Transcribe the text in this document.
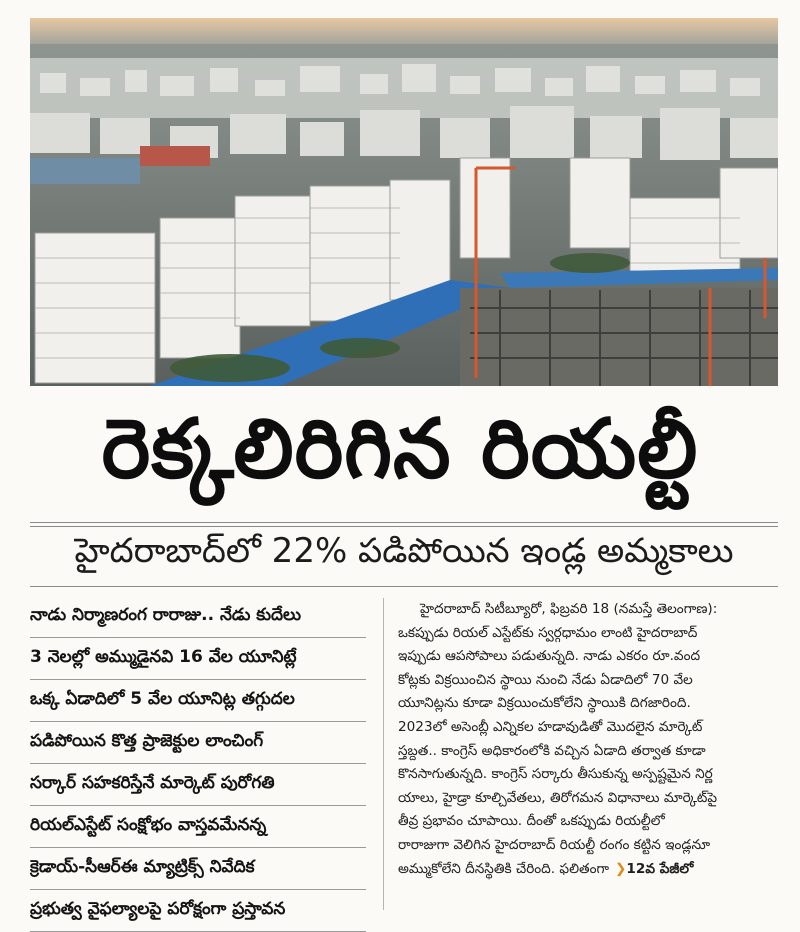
రెక్కలిరిగిన రియల్టీ
హైదరాబాద్‌లో 22% పడిపోయిన ఇండ్ల అమ్మకాలు
నాడు నిర్మాణరంగ రారాజు.. నేడు కుదేలు
3 నెలల్లో అమ్ముడైనవి 16 వేల యూనిట్లే
ఒక్క ఏడాదిలో 5 వేల యూనిట్ల తగ్గుదల
పడిపోయిన కొత్త ప్రాజెక్టుల లాంచింగ్
సర్కార్ సహకరిస్తేనే మార్కెట్ పురోగతి
రియల్‌ఎస్టేట్ సంక్షోభం వాస్తవమేనన్న
క్రెడాయ్-సీఆర్‌ఈ మ్యాట్రిక్స్ నివేదిక
ప్రభుత్వ వైఫల్యాలపై పరోక్షంగా ప్రస్తావన
హైదరాబాద్ సిటీబ్యూరో, ఫిబ్రవరి 18 (నమస్తే తెలంగాణ):
ఒకప్పుడు రియల్ ఎస్టేట్‌కు స్వర్గధామం లాంటి హైదరాబాద్
ఇప్పుడు ఆపసోపాలు పడుతున్నది. నాడు ఎకరం రూ.వంద
కోట్లకు విక్రయించిన స్థాయి నుంచి నేడు ఏడాదిలో 70 వేల
యూనిట్లను కూడా విక్రయించుకోలేని స్థాయికి దిగజారింది.
2023లో అసెంబ్లీ ఎన్నికల హడావుడితో మొదలైన మార్కెట్
స్తబ్దత.. కాంగ్రెస్ అధికారంలోకి వచ్చిన ఏడాది తర్వాత కూడా
కొనసాగుతున్నది. కాంగ్రెస్ సర్కారు తీసుకున్న అస్పష్టమైన నిర్ణ
యాలు, హైడ్రా కూల్చివేతలు, తిరోగమన విధానాలు మార్కెట్‌పై
తీవ్ర ప్రభావం చూపాయి. దీంతో ఒకప్పుడు రియల్టీలో
రారాజుగా వెలిగిన హైదరాబాద్ రియల్టీ రంగం కట్టిన ఇండ్లనూ
అమ్ముకోలేని దీనస్థితికి చేరింది. ఫలితంగా ❯12వ పేజీలో
